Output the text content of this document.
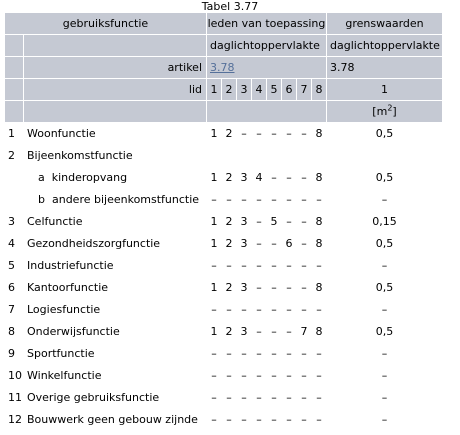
Tabel 3.77
gebruiksfunctie		leden van toepassing								grenswaarden
		daglichtoppervlakte								daglichtoppervlakte
	artikel	3.78								3.78
	lid	1	2	3	4	5	6	7	8	1
										$[m^2]$
1	Woonfunctie	1	2	–	–	–	–	–	8	0,5
2	Bijeenkomstfunctie									
	a  kinderopvang	1	2	3	4	–	–	–	8	0,5
	b  andere bijeenkomstfunctie	–	–	–	–	–	–	–	–	–
3	Celfunctie	1	2	3	–	5	–	–	8	0,15
4	Gezondheidszorgfunctie	1	2	3	–	–	6	–	8	0,5
5	Industriefunctie	–	–	–	–	–	–	–	–	–
6	Kantoorfunctie	1	2	3	–	–	–	–	8	0,5
7	Logiesfunctie	–	–	–	–	–	–	–	–	–
8	Onderwijsfunctie	1	2	3	–	–	–	7	8	0,5
9	Sportfunctie	–	–	–	–	–	–	–	–	–
10	Winkelfunctie	–	–	–	–	–	–	–	–	–
11	Overige gebruiksfunctie	–	–	–	–	–	–	–	–	–
12	Bouwwerk geen gebouw zijnde	–	–	–	–	–	–	–	–	–
